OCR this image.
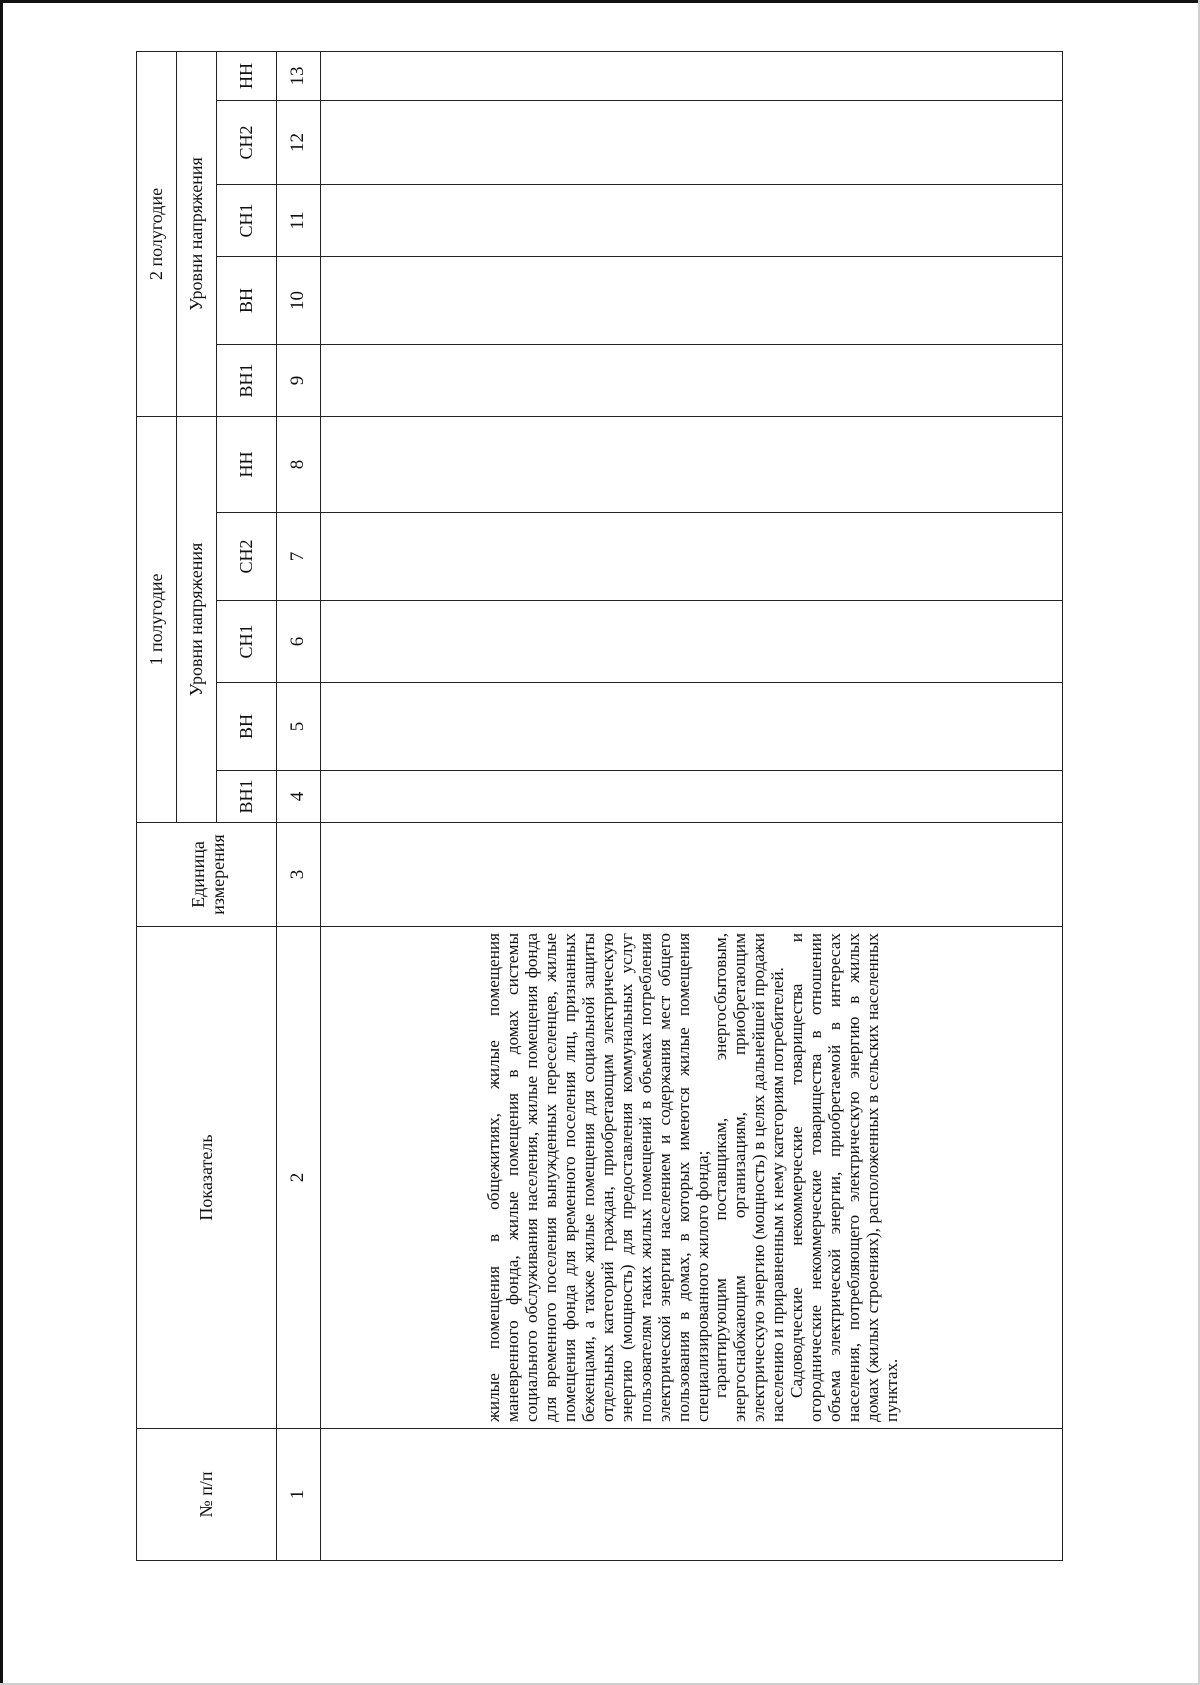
№ п/п	Показатель	Единица измерения	1 полугодие					2 полугодие				
			Уровни напряжения					Уровни напряжения				
			ВН1	ВН	СН1	СН2	НН	ВН1	ВН	СН1	СН2	НН
1	2	3	4	5	6	7	8	9	10	11	12	13

	жилые помещения в общежитиях, жилые помещения маневренного фонда, жилые помещения в домах системы социального обслуживания населения, жилые помещения фонда для временного поселения вынужденных переселенцев, жилые помещения фонда для временного поселения лиц, признанных беженцами, а также жилые помещения для социальной защиты отдельных категорий граждан, приобретающим электрическую энергию (мощность) для предоставления коммунальных услуг пользователям таких жилых помещений в объемах потребления электрической энергии населением и содержания мест общего пользования в домах, в которых имеются жилые помещения специализированного жилого фонда; гарантирующим поставщикам, энергосбытовым, энергоснабжающим организациям, приобретающим электрическую энергию (мощность) в целях дальнейшей продажи населению и приравненным к нему категориям потребителей. Садоводческие некоммерческие товарищества и огороднические некоммерческие товарищества в отношении объема электрической энергии, приобретаемой в интересах населения, потребляющего электрическую энергию в жилых домах (жилых строениях), расположенных в сельских населенных пунктах.											
